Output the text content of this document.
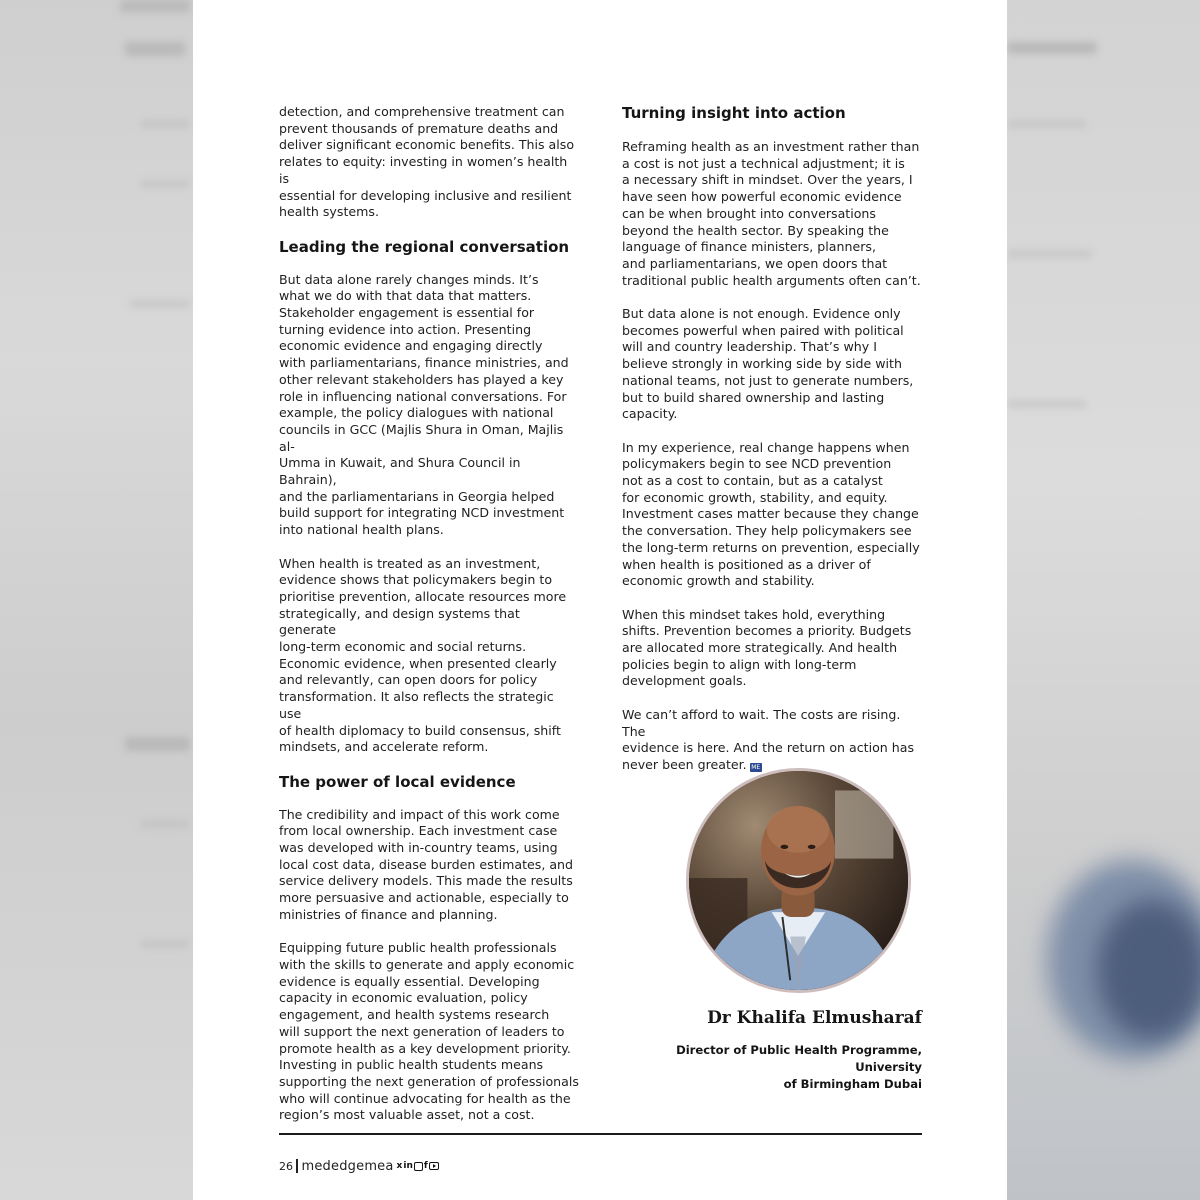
detection, and comprehensive treatment can
prevent thousands of premature deaths and
deliver significant economic benefits. This also
relates to equity: investing in women’s health is
essential for developing inclusive and resilient
health systems.

Leading the regional conversation

But data alone rarely changes minds. It’s
what we do with that data that matters.
Stakeholder engagement is essential for
turning evidence into action. Presenting
economic evidence and engaging directly
with parliamentarians, finance ministries, and
other relevant stakeholders has played a key
role in influencing national conversations. For
example, the policy dialogues with national
councils in GCC (Majlis Shura in Oman, Majlis al-
Umma in Kuwait, and Shura Council in Bahrain),
and the parliamentarians in Georgia helped
build support for integrating NCD investment
into national health plans.

When health is treated as an investment,
evidence shows that policymakers begin to
prioritise prevention, allocate resources more
strategically, and design systems that generate
long-term economic and social returns.
Economic evidence, when presented clearly
and relevantly, can open doors for policy
transformation. It also reflects the strategic use
of health diplomacy to build consensus, shift
mindsets, and accelerate reform.

The power of local evidence

The credibility and impact of this work come
from local ownership. Each investment case
was developed with in-country teams, using
local cost data, disease burden estimates, and
service delivery models. This made the results
more persuasive and actionable, especially to
ministries of finance and planning.

Equipping future public health professionals
with the skills to generate and apply economic
evidence is equally essential. Developing
capacity in economic evaluation, policy
engagement, and health systems research
will support the next generation of leaders to
promote health as a key development priority.
Investing in public health students means
supporting the next generation of professionals
who will continue advocating for health as the
region’s most valuable asset, not a cost.

Turning insight into action

Reframing health as an investment rather than
a cost is not just a technical adjustment; it is
a necessary shift in mindset. Over the years, I
have seen how powerful economic evidence
can be when brought into conversations
beyond the health sector. By speaking the
language of finance ministers, planners,
and parliamentarians, we open doors that
traditional public health arguments often can’t.

But data alone is not enough. Evidence only
becomes powerful when paired with political
will and country leadership. That’s why I
believe strongly in working side by side with
national teams, not just to generate numbers,
but to build shared ownership and lasting
capacity.

In my experience, real change happens when
policymakers begin to see NCD prevention
not as a cost to contain, but as a catalyst
for economic growth, stability, and equity.
Investment cases matter because they change
the conversation. They help policymakers see
the long-term returns on prevention, especially
when health is positioned as a driver of
economic growth and stability.

When this mindset takes hold, everything
shifts. Prevention becomes a priority. Budgets
are allocated more strategically. And health
policies begin to align with long-term
development goals.

We can’t afford to wait. The costs are rising. The
evidence is here. And the return on action has
never been greater. ME

Dr Khalifa Elmusharaf
Director of Public Health Programme, University
of Birmingham Dubai
26 mededgemea x in f
